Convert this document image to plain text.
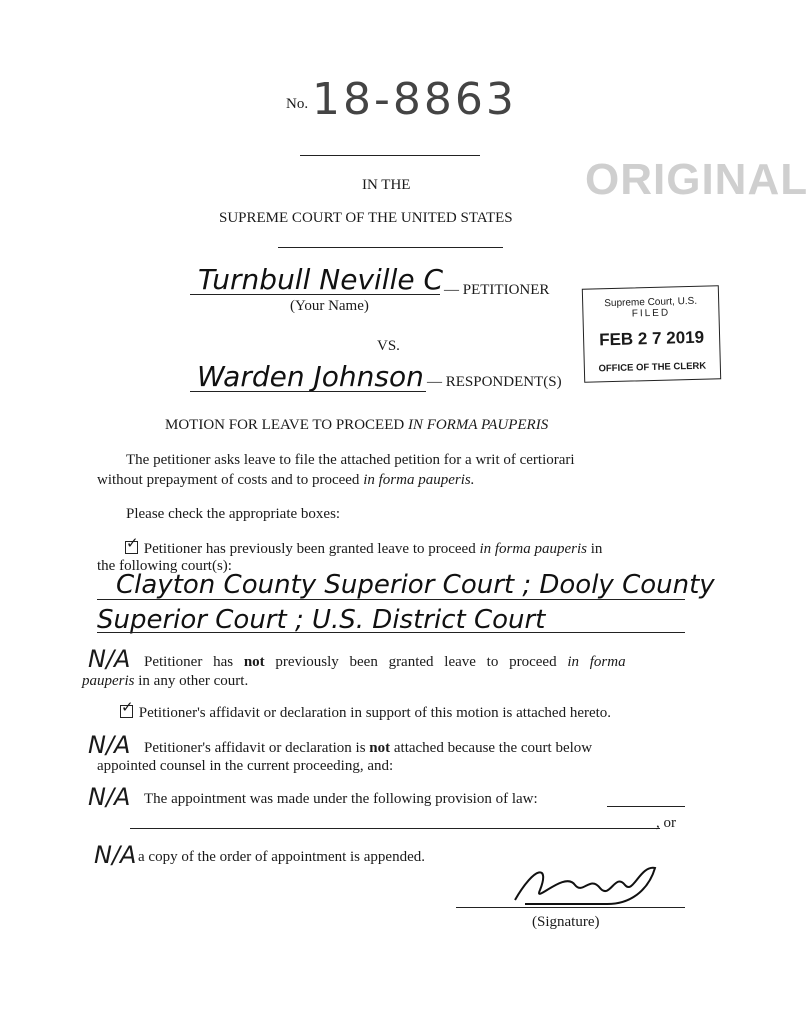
No. 18-8863
ORIGINAL
IN THE
SUPREME COURT OF THE UNITED STATES
Turnbull Neville C — PETITIONER
(Your Name)
VS.
Warden Johnson — RESPONDENT(S)
Supreme Court, U.S.
FILED
FEB 2 7 2019
OFFICE OF THE CLERK
MOTION FOR LEAVE TO PROCEED IN FORMA PAUPERIS
The petitioner asks leave to file the attached petition for a writ of certiorari
without prepayment of costs and to proceed in forma pauperis.
Please check the appropriate boxes:
✓ Petitioner has previously been granted leave to proceed in forma pauperis in
the following court(s):
Clayton County Superior Court ; Dooly County
Superior Court ; U.S. District Court
N/A Petitioner has not previously been granted leave to proceed in forma
pauperis in any other court.
✓ Petitioner's affidavit or declaration in support of this motion is attached hereto.
N/A Petitioner's affidavit or declaration is not attached because the court below
appointed counsel in the current proceeding, and:
N/A The appointment was made under the following provision of law:
, or
N/A a copy of the order of appointment is appended.
(Signature)
